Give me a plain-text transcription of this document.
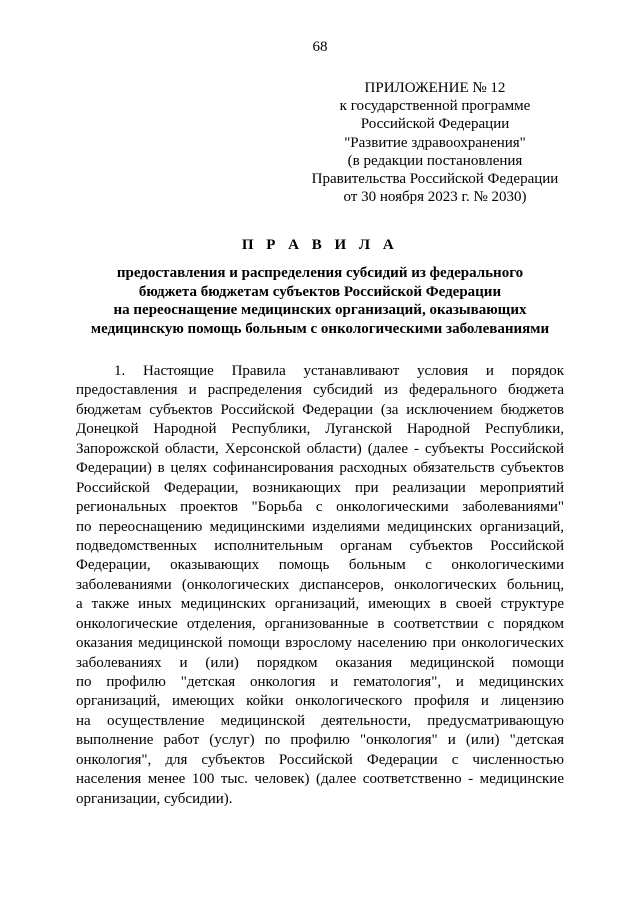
68
ПРИЛОЖЕНИЕ № 12
к государственной программе
Российской Федерации
"Развитие здравоохранения"
(в редакции постановления
Правительства Российской Федерации
от 30 ноября 2023 г. № 2030)
П Р А В И Л А
предоставления и распределения субсидий из федерального
бюджета бюджетам субъектов Российской Федерации
на переоснащение медицинских организаций, оказывающих
медицинскую помощь больным с онкологическими заболеваниями
1. Настоящие Правила устанавливают условия и порядок
предоставления и распределения субсидий из федерального бюджета
бюджетам субъектов Российской Федерации (за исключением бюджетов
Донецкой Народной Республики, Луганской Народной Республики,
Запорожской области, Херсонской области) (далее - субъекты Российской
Федерации) в целях софинансирования расходных обязательств субъектов
Российской Федерации, возникающих при реализации мероприятий
региональных проектов "Борьба с онкологическими заболеваниями"
по переоснащению медицинскими изделиями медицинских организаций,
подведомственных исполнительным органам субъектов Российской
Федерации, оказывающих помощь больным с онкологическими
заболеваниями (онкологических диспансеров, онкологических больниц,
а также иных медицинских организаций, имеющих в своей структуре
онкологические отделения, организованные в соответствии с порядком
оказания медицинской помощи взрослому населению при онкологических
заболеваниях и (или) порядком оказания медицинской помощи
по профилю "детская онкология и гематология", и медицинских
организаций, имеющих койки онкологического профиля и лицензию
на осуществление медицинской деятельности, предусматривающую
выполнение работ (услуг) по профилю "онкология" и (или) "детская
онкология", для субъектов Российской Федерации с численностью
населения менее 100 тыс. человек) (далее соответственно - медицинские
организации, субсидии).
